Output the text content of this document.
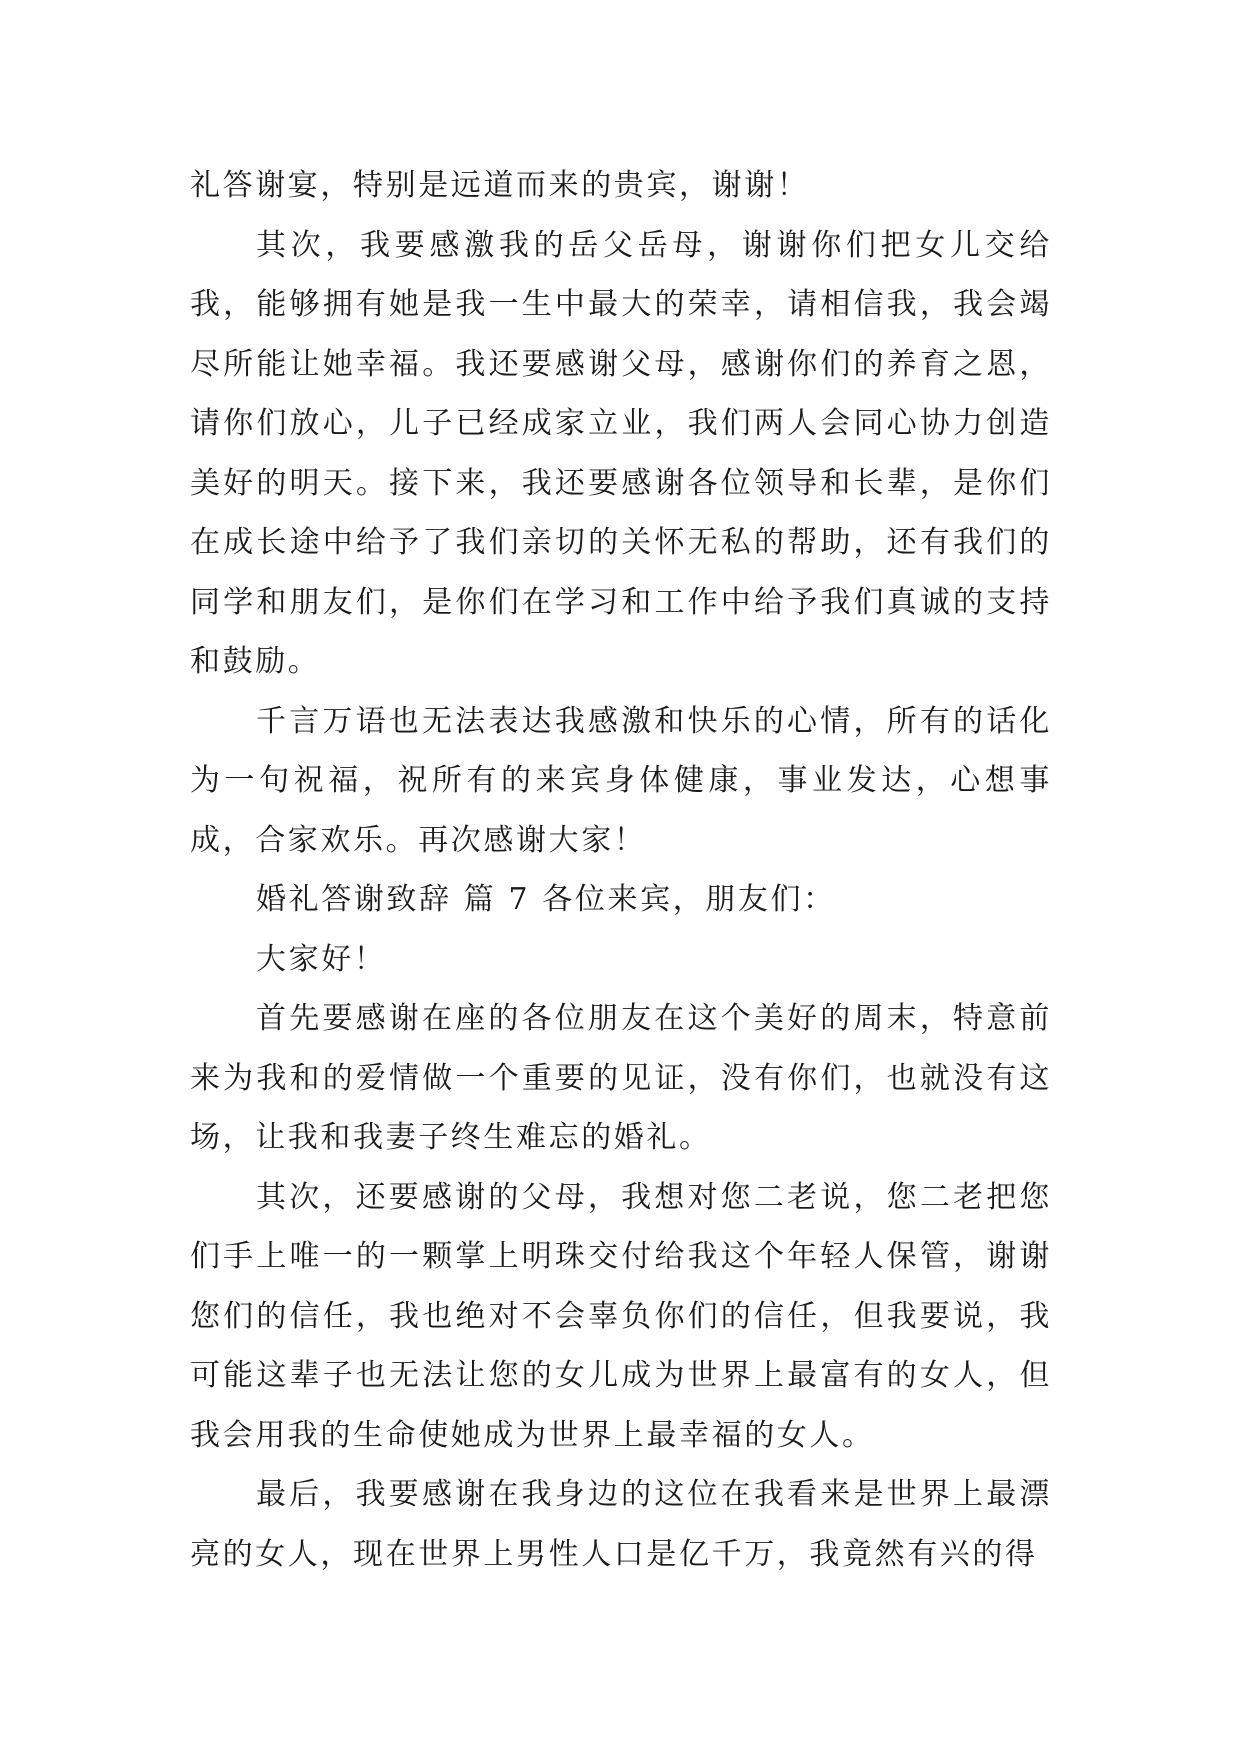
礼答谢宴，特别是远道而来的贵宾，谢谢！

其次，我要感激我的岳父岳母，谢谢你们把女儿交给我，能够拥有她是我一生中最大的荣幸，请相信我，我会竭尽所能让她幸福。我还要感谢父母，感谢你们的养育之恩，请你们放心，儿子已经成家立业，我们两人会同心协力创造美好的明天。接下来，我还要感谢各位领导和长辈，是你们在成长途中给予了我们亲切的关怀无私的帮助，还有我们的同学和朋友们，是你们在学习和工作中给予我们真诚的支持和鼓励。

千言万语也无法表达我感激和快乐的心情，所有的话化为一句祝福，祝所有的来宾身体健康，事业发达，心想事成，合家欢乐。再次感谢大家！

婚礼答谢致辞 篇 7 各位来宾，朋友们：

大家好！

首先要感谢在座的各位朋友在这个美好的周末，特意前来为我和的爱情做一个重要的见证，没有你们，也就没有这场，让我和我妻子终生难忘的婚礼。

其次，还要感谢的父母，我想对您二老说，您二老把您们手上唯一的一颗掌上明珠交付给我这个年轻人保管，谢谢您们的信任，我也绝对不会辜负你们的信任，但我要说，我可能这辈子也无法让您的女儿成为世界上最富有的女人，但我会用我的生命使她成为世界上最幸福的女人。

最后，我要感谢在我身边的这位在我看来是世界上最漂亮的女人，现在世界上男性人口是亿千万，我竟然有兴的得
